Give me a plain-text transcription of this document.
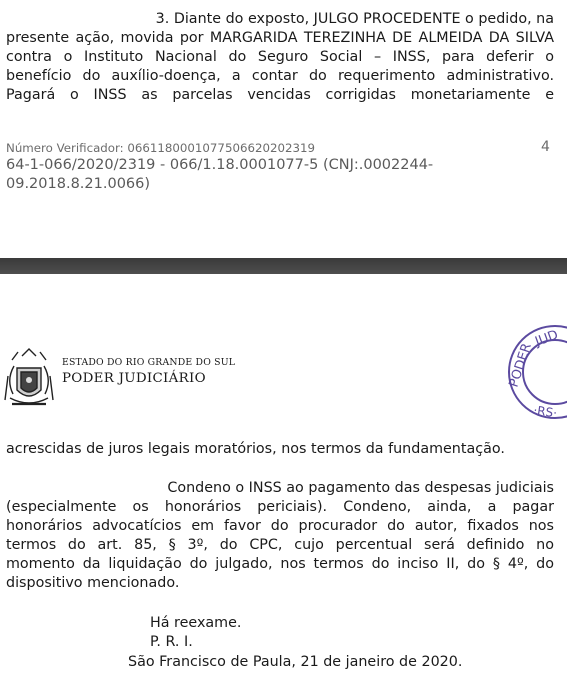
3. Diante do exposto, JULGO PROCEDENTE o pedido, na

presente ação, movida por MARGARIDA TEREZINHA DE ALMEIDA DA SILVA

contra o Instituto Nacional do Seguro Social – INSS, para deferir o

benefício do auxílio-doença, a contar do requerimento administrativo.

Pagará o INSS as parcelas vencidas corrigidas monetariamente e

Número Verificador: 066118000107750662020231​9
64-1-066/2020/2319 - 066/1.18.0001077-5 (CNJ:.0002244-
09.2018.8.21.0066)
4
ESTADO DO RIO GRANDE DO SUL
PODER JUDICIÁRIO	PODER
JUD
·RS·

acrescidas de juros legais moratórios, nos termos da fundamentação.

Condeno o INSS ao pagamento das despesas judiciais

(especialmente os honorários periciais). Condeno, ainda, a pagar

honorários advocatícios em favor do procurador do autor, fixados nos

termos do art. 85, § 3º, do CPC, cujo percentual será definido no

momento da liquidação do julgado, nos termos do inciso II, do § 4º, do

dispositivo mencionado.

Há reexame.
P. R. I.
São Francisco de Paula, 21 de janeiro de 2020.
